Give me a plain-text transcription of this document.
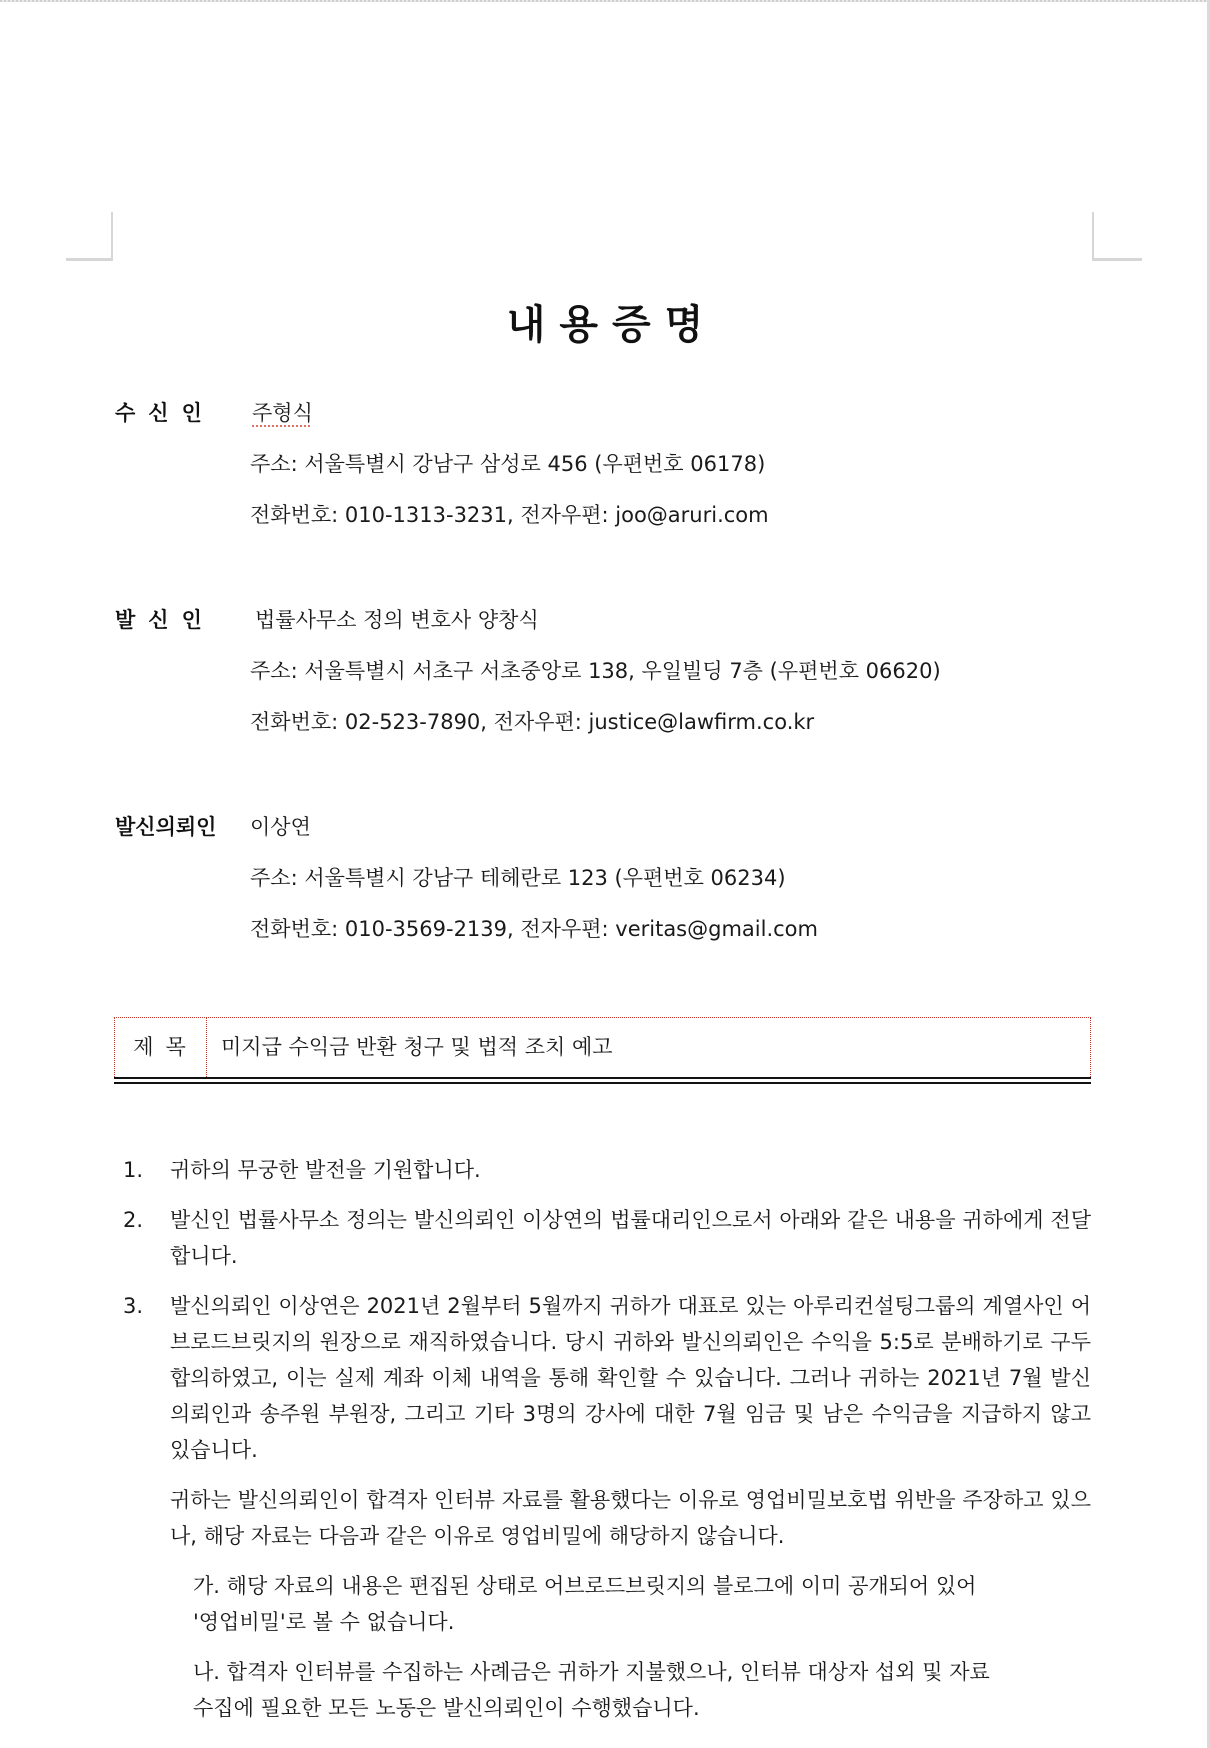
내용증명
수신인 주형식
주소: 서울특별시 강남구 삼성로 456 (우편번호 06178)
전화번호: 010-1313-3231, 전자우편: joo@aruri.com
발신인 법률사무소 정의 변호사 양창식
주소: 서울특별시 서초구 서초중앙로 138, 우일빌딩 7층 (우편번호 06620)
전화번호: 02-523-7890, 전자우편: justice@lawfirm.co.kr
발신의뢰인 이상연
주소: 서울특별시 강남구 테헤란로 123 (우편번호 06234)
전화번호: 010-3569-2139, 전자우편: veritas@gmail.com
제목	미지급 수익금 반환 청구 및 법적 조치 예고
1. 귀하의 무궁한 발전을 기원합니다.
2. 발신인 법률사무소 정의는 발신의뢰인 이상연의 법률대리인으로서 아래와 같은 내용을 귀하에게 전달합니다.
3. 발신의뢰인 이상연은 2021년 2월부터 5월까지 귀하가 대표로 있는 아루리컨설팅그룹의 계열사인 어브로드브릿지의 원장으로 재직하였습니다. 당시 귀하와 발신의뢰인은 수익을 5:5로 분배하기로 구두 합의하였고, 이는 실제 계좌 이체 내역을 통해 확인할 수 있습니다. 그러나 귀하는 2021년 7월 발신의뢰인과 송주원 부원장, 그리고 기타 3명의 강사에 대한 7월 임금 및 남은 수익금을 지급하지 않고 있습니다.
귀하는 발신의뢰인이 합격자 인터뷰 자료를 활용했다는 이유로 영업비밀보호법 위반을 주장하고 있으나, 해당 자료는 다음과 같은 이유로 영업비밀에 해당하지 않습니다.
가. 해당 자료의 내용은 편집된 상태로 어브로드브릿지의 블로그에 이미 공개되어 있어
'영업비밀'로 볼 수 없습니다.
나. 합격자 인터뷰를 수집하는 사례금은 귀하가 지불했으나, 인터뷰 대상자 섭외 및 자료
수집에 필요한 모든 노동은 발신의뢰인이 수행했습니다.
